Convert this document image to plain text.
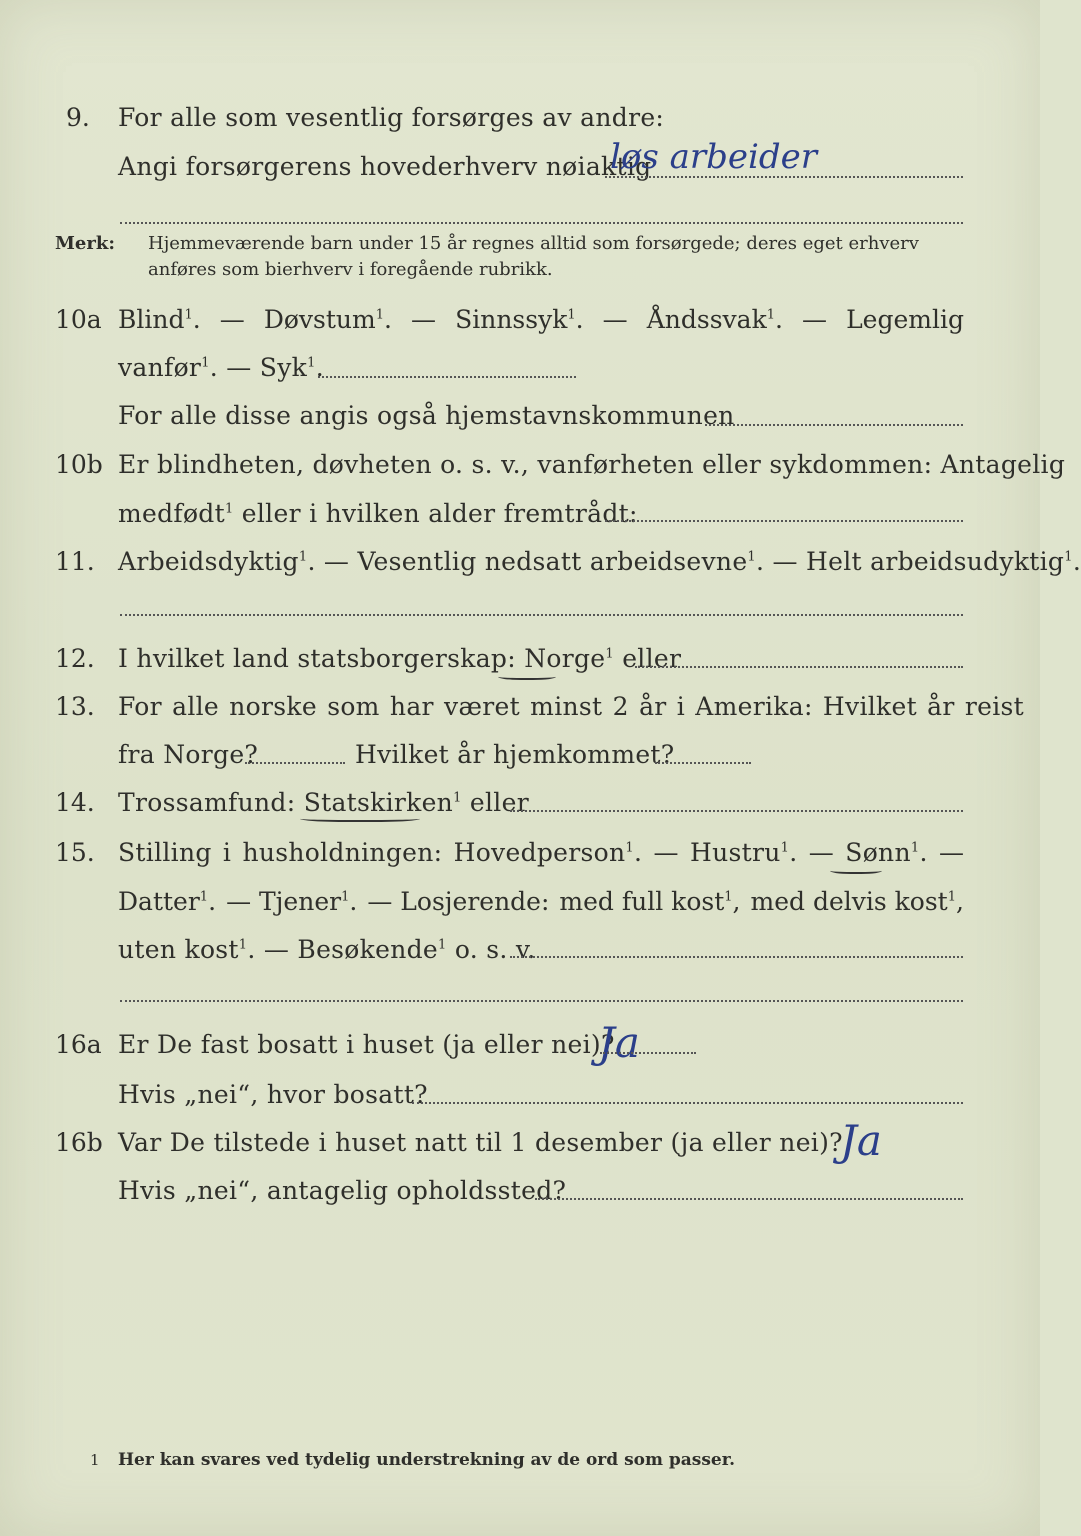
9. For alle som vesentlig forsørges av andre:
Angi forsørgerens hovederhverv nøiaktig
løs arbeider
Merk: Hjemmeværende barn under 15 år regnes alltid som forsørgede; deres eget erhverv
anføres som bierhverv i foregående rubrikk.
10a Blind$^1$. — Døvstum$^1$. — Sinnssyk$^1$. — Åndssvak$^1$. — Legemlig
vanfør$^1$. — Syk$^1$.
For alle disse angis også hjemstavnskommunen
10b Er blindheten, døvheten o. s. v., vanførheten eller sykdommen: Antagelig
medfødt$^1$ eller i hvilken alder fremtrådt:
11. Arbeidsdyktig$^1$. — Vesentlig nedsatt arbeidsevne$^1$. — Helt arbeidsudyktig$^1$.
12. I hvilket land statsborgerskap: Norge$^1$ eller
13. For alle norske som har været minst 2 år i Amerika: Hvilket år reist
fra Norge?	Hvilket år hjemkommet?
14. Trossamfund: Statskirken$^1$ eller
15. Stilling i husholdningen: Hovedperson$^1$. — Hustru$^1$. — Sønn$^1$. —
Datter$^1$. — Tjener$^1$. — Losjerende: med full kost$^1$, med delvis kost$^1$,
uten kost$^1$. — Besøkende$^1$ o. s. v.
16a Er De fast bosatt i huset (ja eller nei)?
Ja
Hvis „nei“, hvor bosatt?
16b Var De tilstede i huset natt til 1 desember (ja eller nei)?
Ja
Hvis „nei“, antagelig opholdssted?
1 Her kan svares ved tydelig understrekning av de ord som passer.
